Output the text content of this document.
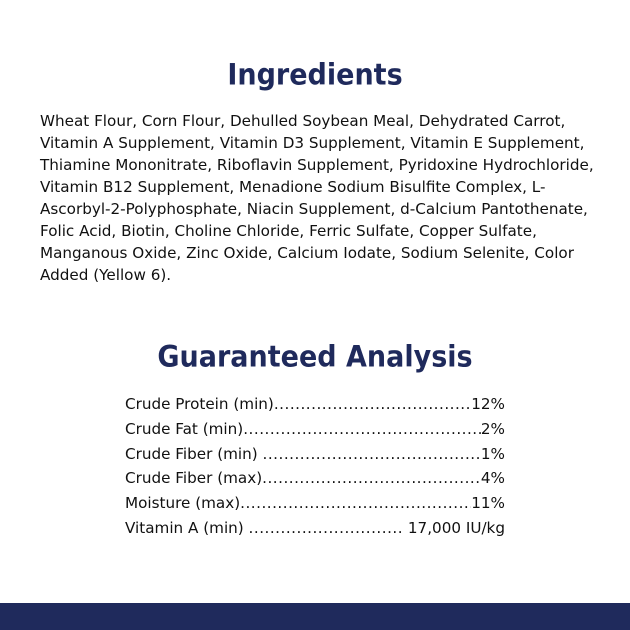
Ingredients

Wheat Flour, Corn Flour, Dehulled Soybean Meal, Dehydrated Carrot, Vitamin A Supplement, Vitamin D3 Supplement, Vitamin E Supplement, Thiamine Mononitrate, Riboflavin Supplement, Pyridoxine Hydrochloride, Vitamin B12 Supplement, Menadione Sodium Bisulfite Complex, L-Ascorbyl-2-Polyphosphate, Niacin Supplement, d-Calcium Pantothenate, Folic Acid, Biotin, Choline Chloride, Ferric Sulfate, Copper Sulfate, Manganous Oxide, Zinc Oxide, Calcium Iodate, Sodium Selenite, Color Added (Yellow 6).

Guaranteed Analysis
Crude Protein (min) .....	12%
Crude Fat (min) .....	2%
Crude Fiber (min) .....	1%
Crude Fiber (max) .....	4%
Moisture (max) .....	11%
Vitamin A (min) .....	17,000 IU/kg
